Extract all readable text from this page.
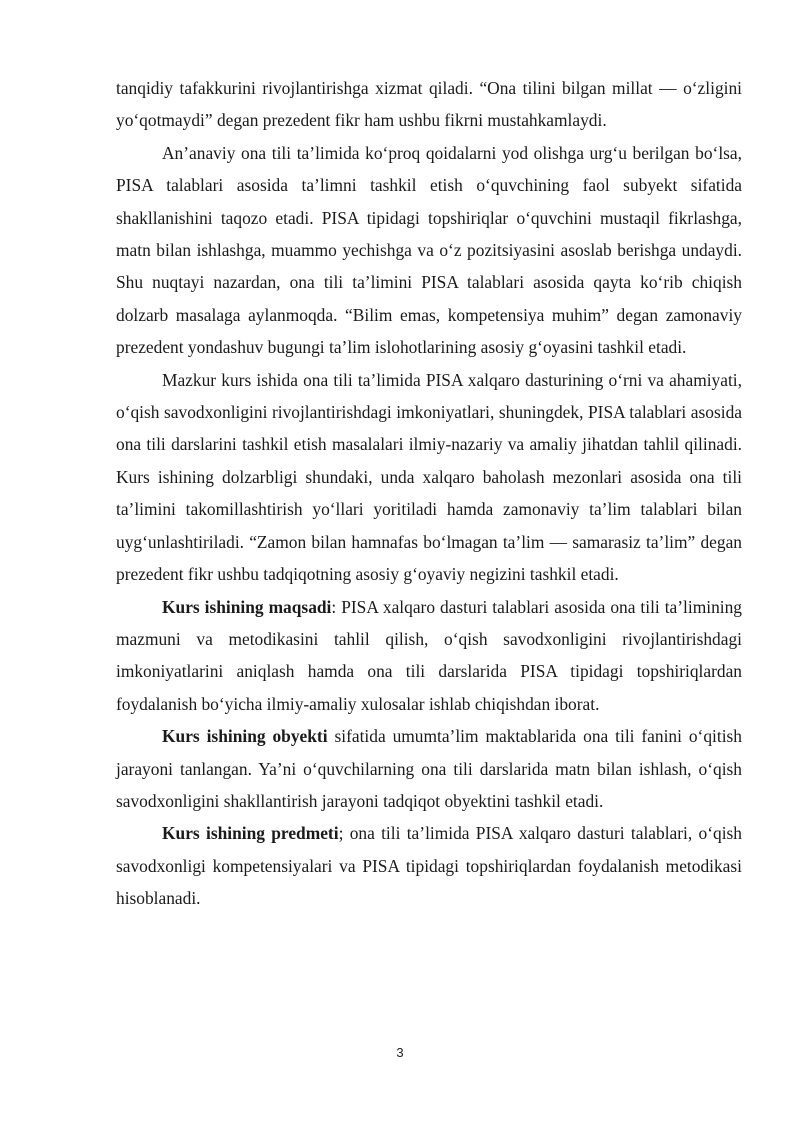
tanqidiy tafakkurini rivojlantirishga xizmat qiladi. “Ona tilini bilgan millat — o‘zligini yo‘qotmaydi” degan prezedent fikr ham ushbu fikrni mustahkamlaydi.

An’anaviy ona tili ta’limida ko‘proq qoidalarni yod olishga urg‘u berilgan bo‘lsa, PISA talablari asosida ta’limni tashkil etish o‘quvchining faol subyekt sifatida shakllanishini taqozo etadi. PISA tipidagi topshiriqlar o‘quvchini mustaqil fikrlashga, matn bilan ishlashga, muammo yechishga va o‘z pozitsiyasini asoslab berishga undaydi. Shu nuqtayi nazardan, ona tili ta’limini PISA talablari asosida qayta ko‘rib chiqish dolzarb masalaga aylanmoqda. “Bilim emas, kompetensiya muhim” degan zamonaviy prezedent yondashuv bugungi ta’lim islohotlarining asosiy g‘oyasini tashkil etadi.

Mazkur kurs ishida ona tili ta’limida PISA xalqaro dasturining o‘rni va ahamiyati, o‘qish savodxonligini rivojlantirishdagi imkoniyatlari, shuningdek, PISA talablari asosida ona tili darslarini tashkil etish masalalari ilmiy-nazariy va amaliy jihatdan tahlil qilinadi. Kurs ishining dolzarbligi shundaki, unda xalqaro baholash mezonlari asosida ona tili ta’limini takomillashtirish yo‘llari yoritiladi hamda zamonaviy ta’lim talablari bilan uyg‘unlashtiriladi. “Zamon bilan hamnafas bo‘lmagan ta’lim — samarasiz ta’lim” degan prezedent fikr ushbu tadqiqotning asosiy g‘oyaviy negizini tashkil etadi.

Kurs ishining maqsadi: PISA xalqaro dasturi talablari asosida ona tili ta’limining mazmuni va metodikasini tahlil qilish, o‘qish savodxonligini rivojlantirishdagi imkoniyatlarini aniqlash hamda ona tili darslarida PISA tipidagi topshiriqlardan foydalanish bo‘yicha ilmiy-amaliy xulosalar ishlab chiqishdan iborat.

Kurs ishining obyekti sifatida umumta’lim maktablarida ona tili fanini o‘qitish jarayoni tanlangan. Ya’ni o‘quvchilarning ona tili darslarida matn bilan ishlash, o‘qish savodxonligini shakllantirish jarayoni tadqiqot obyektini tashkil etadi.

Kurs ishining predmeti; ona tili ta’limida PISA xalqaro dasturi talablari, o‘qish savodxonligi kompetensiyalari va PISA tipidagi topshiriqlardan foydalanish metodikasi hisoblanadi.

3
